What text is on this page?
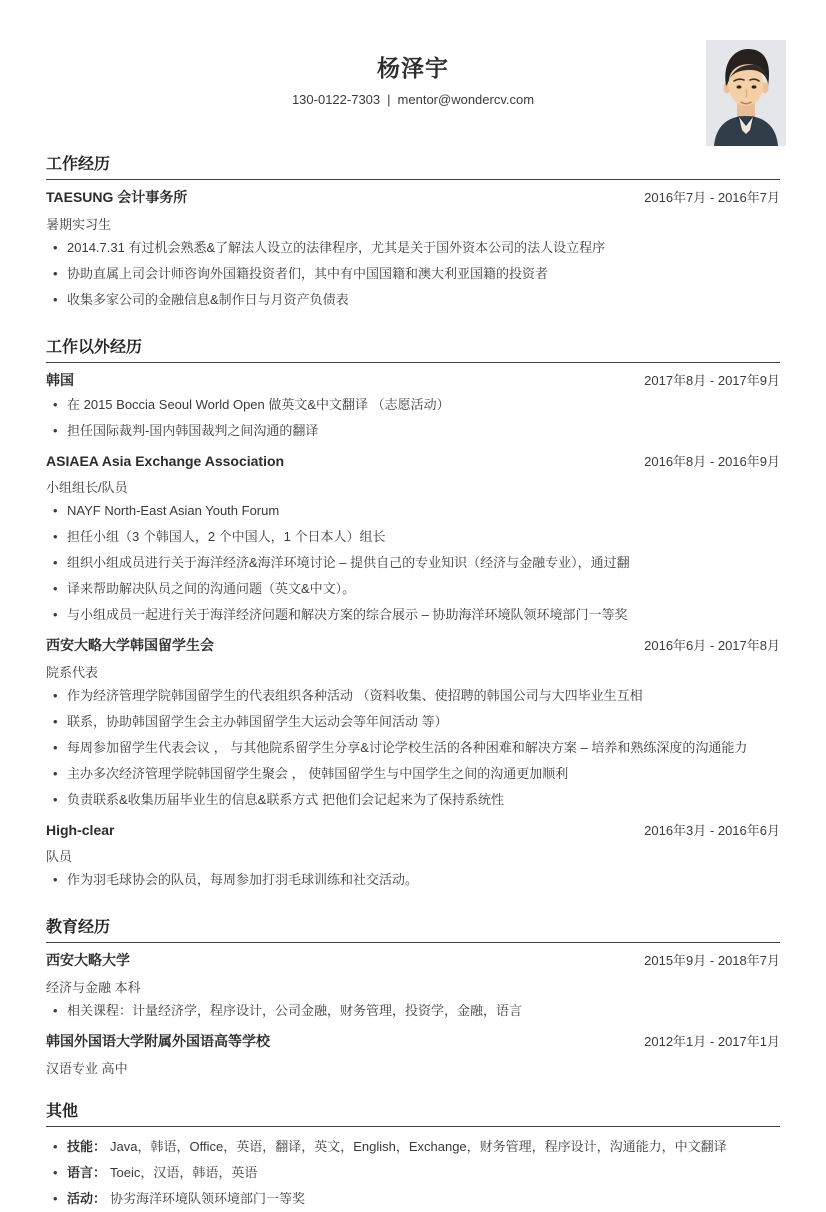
杨泽宇
130-0122-7303 | mentor@wondercv.com
工作经历
TAESUNG 会计事务所	2016年7月 - 2016年7月
暑期实习生
• 2014.7.31 有过机会熟悉&了解法人设立的法律程序，尤其是关于国外资本公司的法人设立程序
• 协助直属上司会计师咨询外国籍投资者们，其中有中国国籍和澳大利亚国籍的投资者
• 收集多家公司的金融信息&制作日与月资产负债表
工作以外经历
韩国	2017年8月 - 2017年9月
• 在 2015 Boccia Seoul World Open 做英文&中文翻译 （志愿活动）
• 担任国际裁判-国内韩国裁判之间沟通的翻译
ASIAEA Asia Exchange Association	2016年8月 - 2016年9月
小组组长/队员
• NAYF North-East Asian Youth Forum
• 担任小组（3 个韩国人，2 个中国人，1 个日本人）组长
• 组织小组成员进行关于海洋经济&海洋环境讨论 – 提供自己的专业知识（经济与金融专业），通过翻
• 译来帮助解决队员之间的沟通问题（英文&中文）。
• 与小组成员一起进行关于海洋经济问题和解决方案的综合展示 – 协助海洋环境队领环境部门一等奖
西安大略大学韩国留学生会	2016年6月 - 2017年8月
院系代表
• 作为经济管理学院韩国留学生的代表组织各种活动 （资料收集、使招聘的韩国公司与大四毕业生互相
• 联系，协助韩国留学生会主办韩国留学生大运动会等年间活动 等）
• 每周参加留学生代表会议 ， 与其他院系留学生分享&讨论学校生活的各种困难和解决方案 – 培养和熟练深度的沟通能力
• 主办多次经济管理学院韩国留学生聚会 ， 使韩国留学生与中国学生之间的沟通更加顺利
• 负责联系&收集历届毕业生的信息&联系方式 把他们会记起来为了保持系统性
High-clear	2016年3月 - 2016年6月
队员
• 作为羽毛球协会的队员，每周参加打羽毛球训练和社交活动。
教育经历
西安大略大学	2015年9月 - 2018年7月
经济与金融 本科
• 相关课程：计量经济学，程序设计，公司金融，财务管理，投资学，金融，语言
韩国外国语大学附属外国语高等学校	2012年1月 - 2017年1月
汉语专业 高中
其他
• 技能： Java，韩语，Office，英语，翻译，英文，English，Exchange，财务管理，程序设计，沟通能力，中文翻译
• 语言： Toeic，汉语，韩语，英语
• 活动： 协劣海洋环境队领环境部门一等奖
